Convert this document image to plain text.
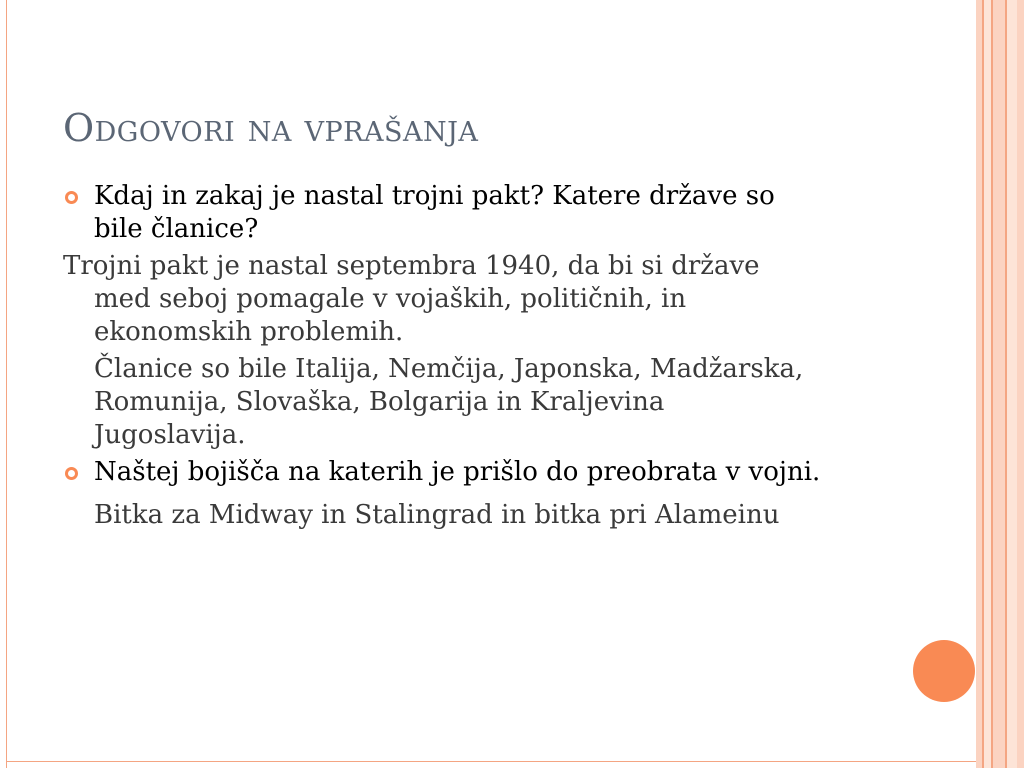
Odgovori na vprašanja
Kdaj in zakaj je nastal trojni pakt? Katere države so bile članice?
Trojni pakt je nastal septembra 1940, da bi si države med seboj pomagale v vojaških, političnih, in ekonomskih problemih.
Članice so bile Italija, Nemčija, Japonska, Madžarska, Romunija, Slovaška, Bolgarija in Kraljevina Jugoslavija.
Naštej bojišča na katerih je prišlo do preobrata v vojni.
Bitka za Midway in Stalingrad in bitka pri Alameinu
